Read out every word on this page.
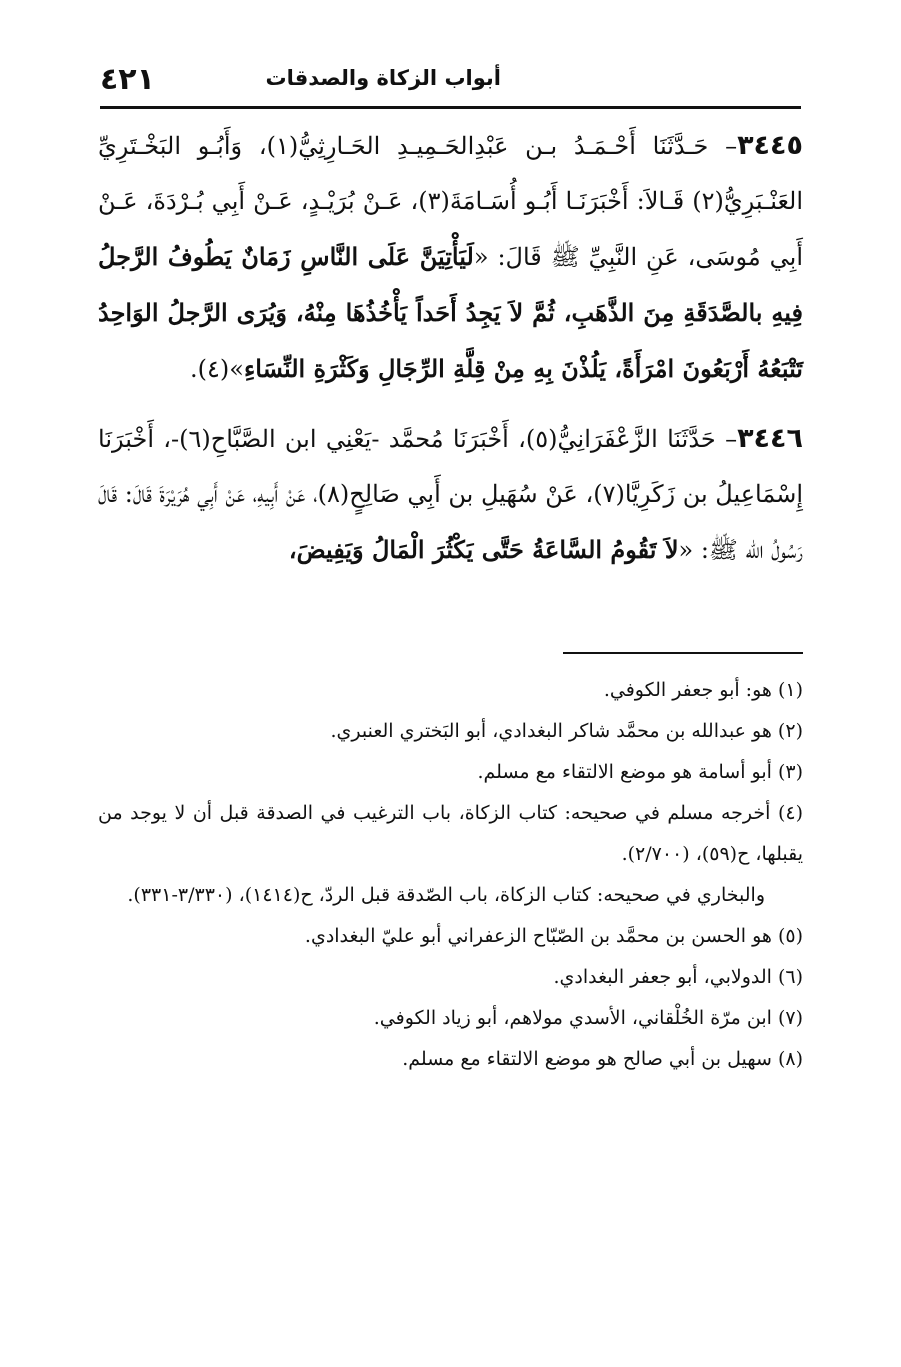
أبواب الزكاة والصدقات
٤٢١

٣٤٤٥– حَـدَّثَنَا أَحْـمَـدُ بـن عَبْدِالحَـمِيـدِ الحَـارِثِيُّ(١)، وَأَبُـو البَخْـتَرِيِّ العَنْـبَرِيُّ(٢) قَـالاَ: أَخْبَرَنَـا أَبُـو أُسَـامَةَ(٣)، عَـنْ بُرَيْـدٍ، عَـنْ أَبِي بُـرْدَةَ، عَـنْ أَبِي مُوسَى، عَنِ النَّبِيِّ ﷺ قَالَ: «لَيَأْتِيَنَّ عَلَى النَّاسِ زَمَانٌ يَطُوفُ الرَّجلُ فِيهِ بالصَّدَقَةِ مِنَ الذَّهَبِ، ثُمَّ لاَ يَجِدُ أَحَداً يَأْخُذُهَا مِنْهُ، وَيُرَى الرَّجلُ الوَاحِدُ تَتْبَعُهُ أَرْبَعُونَ امْرَأَةً، يَلُذْنَ بِهِ مِنْ قِلَّةِ الرِّجَالِ وَكَثْرَةِ النِّسَاءِ»(٤).

٣٤٤٦– حَدَّثَنَا الزَّعْفَرَانِيُّ(٥)، أَخْبَرَنَا مُحمَّد -يَعْنِي ابن الصَّبَّاحِ(٦)-، أَخْبَرَنَا إِسْمَاعِيلُ بن زَكَرِيَّا(٧)، عَنْ سُهَيلِ بن أَبِي صَالِحٍ(٨)، عَنْ أَبِيهِ، عَنْ أَبِي هُرَيْرَةَ قَالَ: قَالَ رَسُولُ الله ﷺ: «لاَ تَقُومُ السَّاعَةُ حَتَّى يَكْثُرَ الْمَالُ وَيَفِيضَ،

(١) هو: أبو جعفر الكوفي.

(٢) هو عبدالله بن محمَّد شاكر البغدادي، أبو البَختري العنبري.

(٣) أبو أسامة هو موضع الالتقاء مع مسلم.

(٤) أخرجه مسلم في صحيحه: كتاب الزكاة، باب الترغيب في الصدقة قبل أن لا يوجد من يقبلها، ح(٥٩)، (٢/٧٠٠).

والبخاري في صحيحه: كتاب الزكاة، باب الصّدقة قبل الردّ، ح(١٤١٤)، (٣/٣٣٠-٣٣١).

(٥) هو الحسن بن محمَّد بن الصّبّاح الزعفراني أبو عليّ البغدادي.

(٦) الدولابي، أبو جعفر البغدادي.

(٧) ابن مرّة الخُلْقاني، الأسدي مولاهم، أبو زياد الكوفي.

(٨) سهيل بن أبي صالح هو موضع الالتقاء مع مسلم.
